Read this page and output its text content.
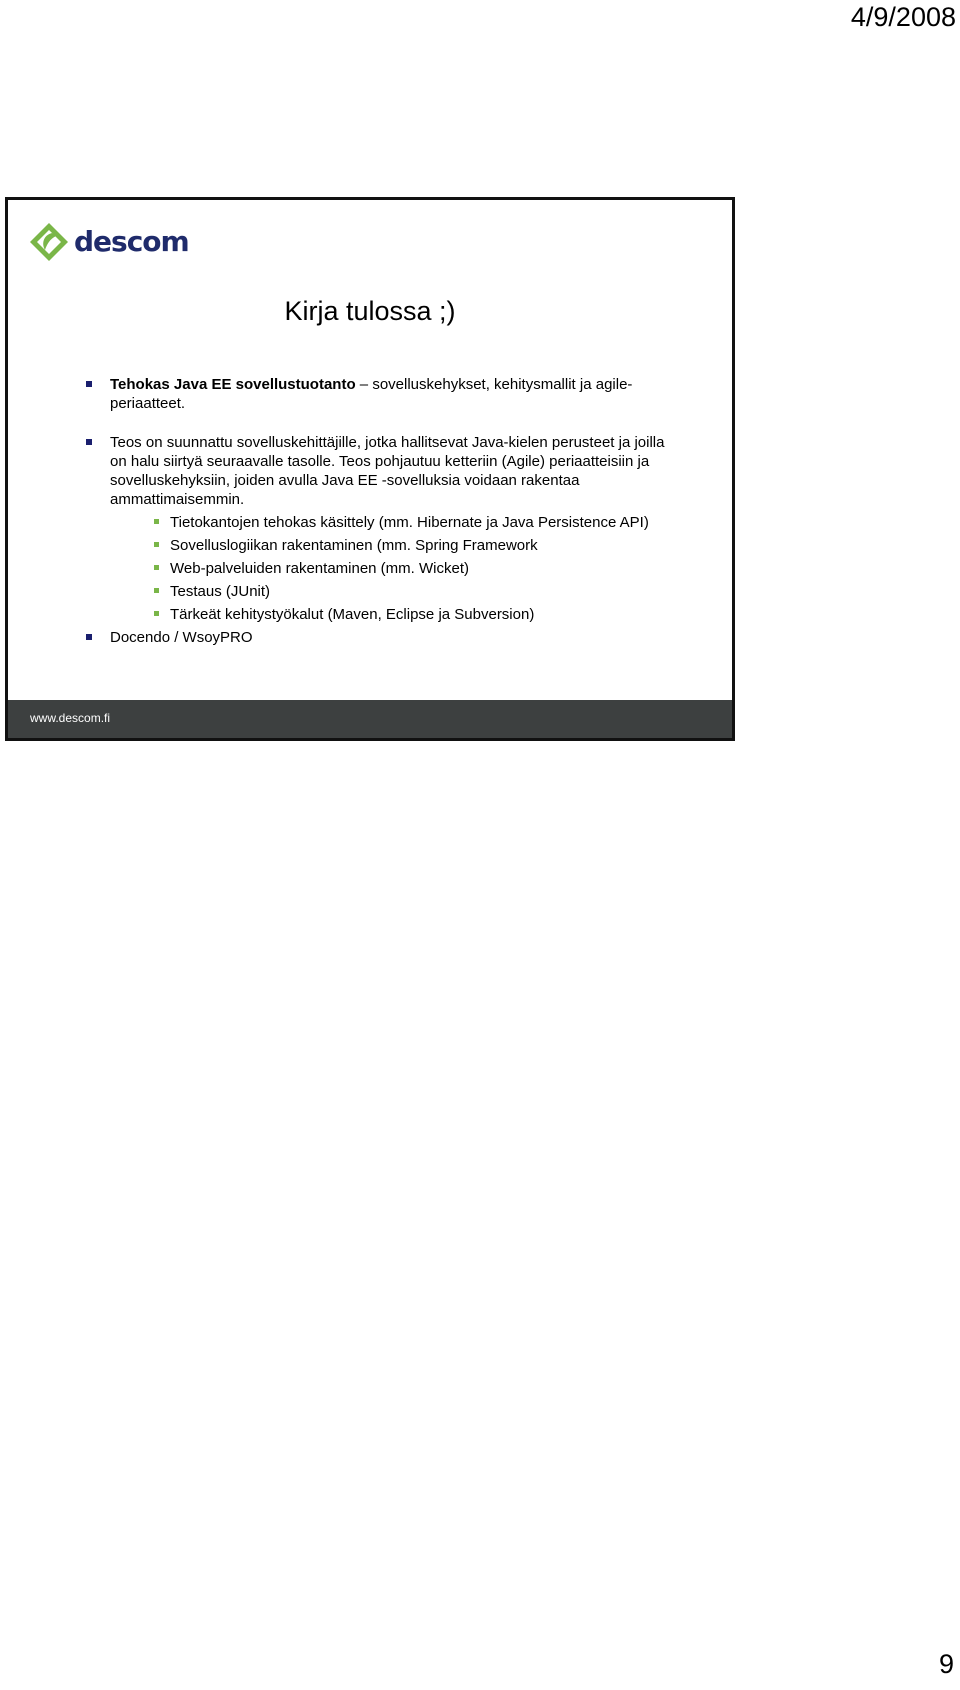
4/9/2008
descom
Kirja tulossa ;)
Tehokas Java EE sovellustuotanto – sovelluskehykset, kehitysmallit ja agile-periaatteet.
Teos on suunnattu sovelluskehittäjille, jotka hallitsevat Java-kielen perusteet ja joilla on halu siirtyä seuraavalle tasolle. Teos pohjautuu ketteriin (Agile) periaatteisiin ja sovelluskehyksiin, joiden avulla Java EE -sovelluksia voidaan rakentaa ammattimaisemmin.
Tietokantojen tehokas käsittely (mm. Hibernate ja Java Persistence API)
Sovelluslogiikan rakentaminen (mm. Spring Framework
Web-palveluiden rakentaminen (mm. Wicket)
Testaus (JUnit)
Tärkeät kehitystyökalut (Maven, Eclipse ja Subversion)
Docendo / WsoyPRO
www.descom.fi
9
